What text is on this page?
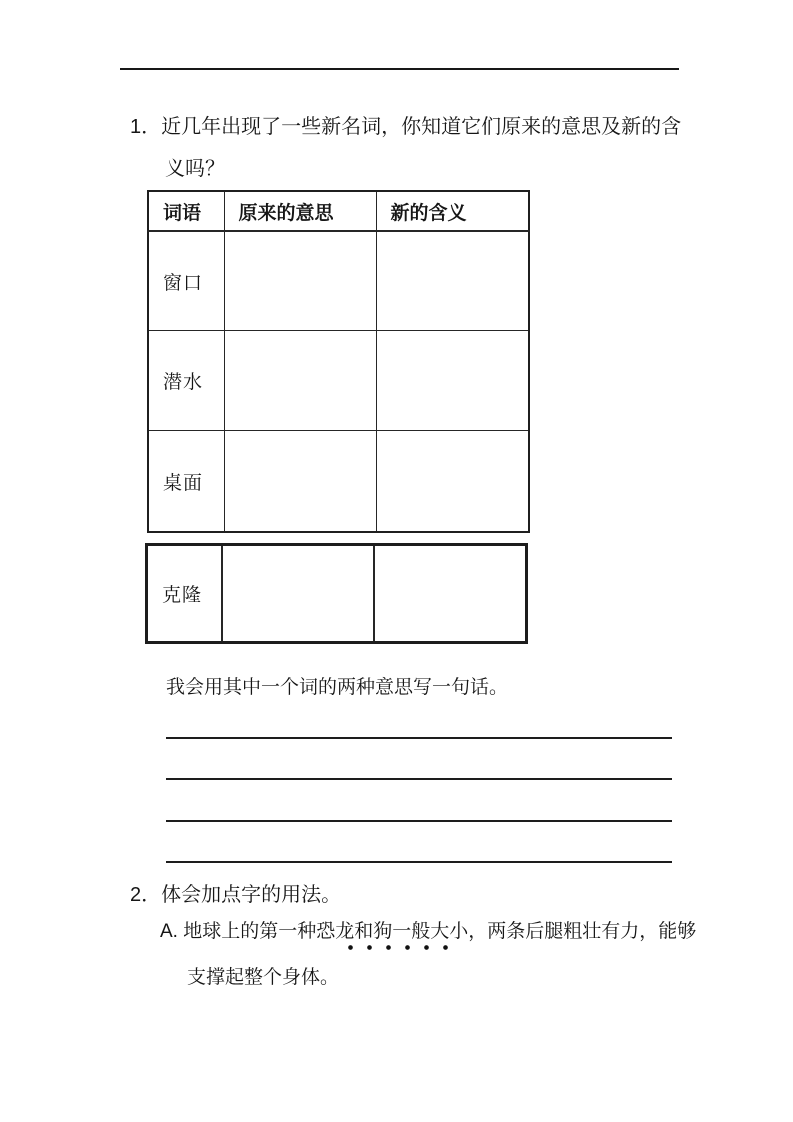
1．近几年出现了一些新名词，你知道它们原来的意思及新的含
义吗？
词语	原来的意思	新的含义
窗口		
潜水		
桌面		
克隆		
我会用其中一个词的两种意思写一句话。
2．体会加点字的用法。
A. 地球上的第一种恐龙和狗一般大小，两条后腿粗壮有力，能够
支撑起整个身体。
